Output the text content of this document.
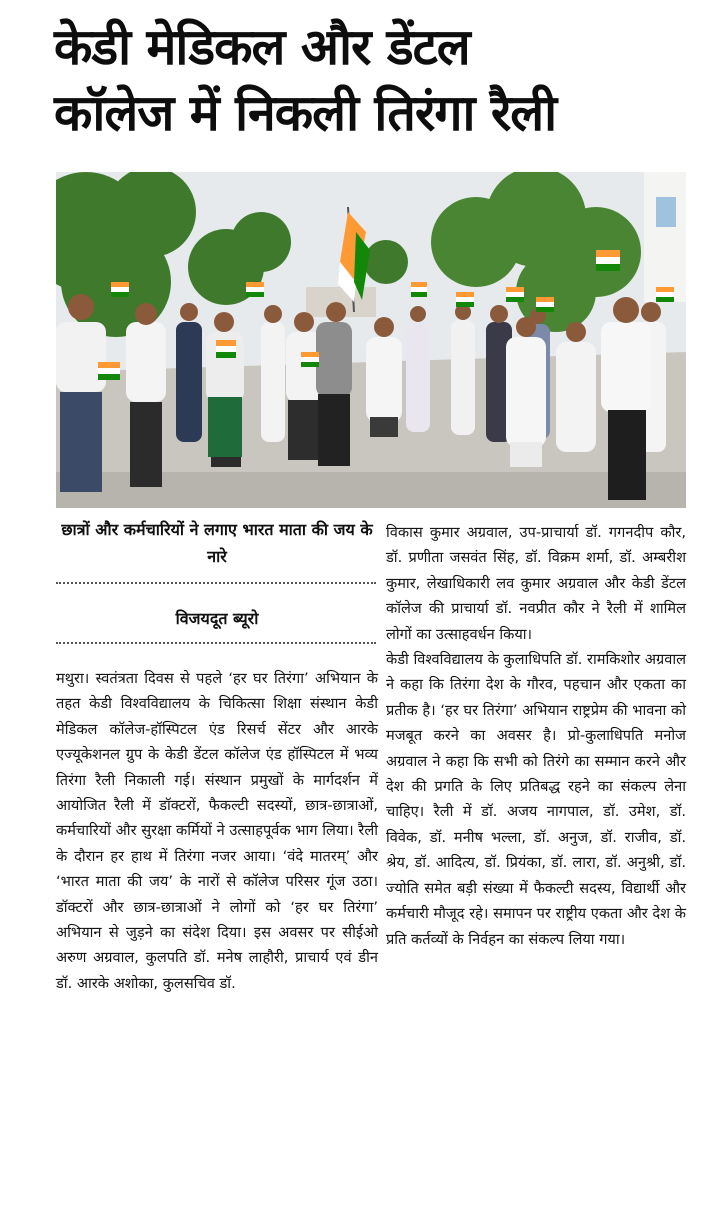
केडी मेडिकल और डेंटल
कॉलेज में निकली तिरंगा रैली
छात्रों और कर्मचारियों ने लगाए भारत माता की जय के नारे
विजयदूत ब्यूरो

मथुरा। स्वतंत्रता दिवस से पहले ‘हर घर तिरंगा’ अभियान के तहत केडी विश्वविद्यालय के चिकित्सा शिक्षा संस्थान केडी मेडिकल कॉलेज-हॉस्पिटल एंड रिसर्च सेंटर और आरके एज्यूकेशनल ग्रुप के केडी डेंटल कॉलेज एंड हॉस्पिटल में भव्य तिरंगा रैली निकाली गई। संस्थान प्रमुखों के मार्गदर्शन में आयोजित रैली में डॉक्टरों, फैकल्टी सदस्यों, छात्र-छात्राओं, कर्मचारियों और सुरक्षा कर्मियों ने उत्साहपूर्वक भाग लिया। रैली के दौरान हर हाथ में तिरंगा नजर आया। ‘वंदे मातरम्’ और ‘भारत माता की जय’ के नारों से कॉलेज परिसर गूंज उठा। डॉक्टरों और छात्र-छात्राओं ने लोगों को ‘हर घर तिरंगा’ अभियान से जुड़ने का संदेश दिया। इस अवसर पर सीईओ अरुण अग्रवाल, कुलपति डॉ. मनेष लाहौरी, प्राचार्य एवं डीन डॉ. आरके अशोका, कुलसचिव डॉ.

विकास कुमार अग्रवाल, उप-प्राचार्या डॉ. गगनदीप कौर, डॉ. प्रणीता जसवंत सिंह, डॉ. विक्रम शर्मा, डॉ. अम्बरीश कुमार, लेखाधिकारी लव कुमार अग्रवाल और केडी डेंटल कॉलेज की प्राचार्या डॉ. नवप्रीत कौर ने रैली में शामिल लोगों का उत्साहवर्धन किया।

केडी विश्वविद्यालय के कुलाधिपति डॉ. रामकिशोर अग्रवाल ने कहा कि तिरंगा देश के गौरव, पहचान और एकता का प्रतीक है। ‘हर घर तिरंगा’ अभियान राष्ट्रप्रेम की भावना को मजबूत करने का अवसर है। प्रो-कुलाधिपति मनोज अग्रवाल ने कहा कि सभी को तिरंगे का सम्मान करने और देश की प्रगति के लिए प्रतिबद्ध रहने का संकल्प लेना चाहिए। रैली में डॉ. अजय नागपाल, डॉ. उमेश, डॉ. विवेक, डॉ. मनीष भल्ला, डॉ. अनुज, डॉ. राजीव, डॉ. श्रेय, डॉ. आदित्य, डॉ. प्रियंका, डॉ. लारा, डॉ. अनुश्री, डॉ. ज्योति समेत बड़ी संख्या में फैकल्टी सदस्य, विद्यार्थी और कर्मचारी मौजूद रहे। समापन पर राष्ट्रीय एकता और देश के प्रति कर्तव्यों के निर्वहन का संकल्प लिया गया।
